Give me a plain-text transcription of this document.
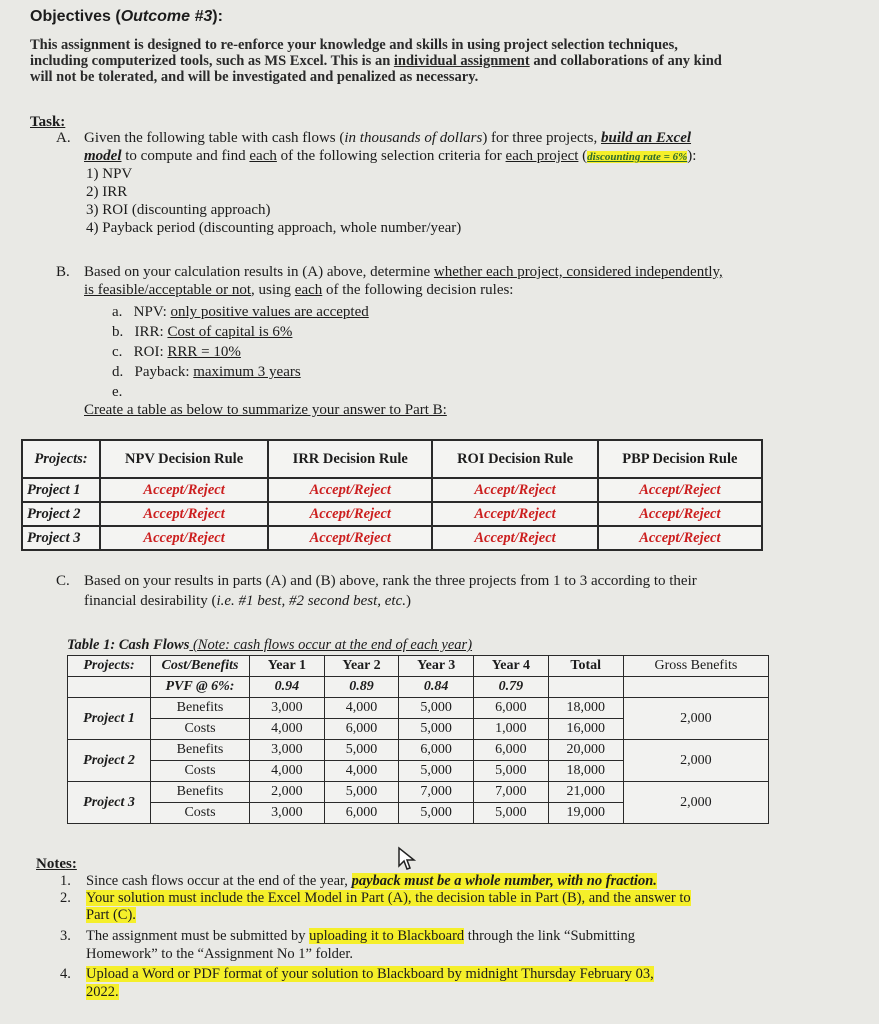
Objectives (Outcome #3):
This assignment is designed to re-enforce your knowledge and skills in using project selection techniques,
including computerized tools, such as MS Excel. This is an individual assignment and collaborations of any kind
will not be tolerated, and will be investigated and penalized as necessary.
Task:
A. Given the following table with cash flows (in thousands of dollars) for three projects, build an Excel
model to compute and find each of the following selection criteria for each project (discounting rate = 6%):
1) NPV
2) IRR
3) ROI (discounting approach)
4) Payback period (discounting approach, whole number/year)
B. Based on your calculation results in (A) above, determine whether each project, considered independently,
is feasible/acceptable or not, using each of the following decision rules:
a. NPV: only positive values are accepted
b. IRR: Cost of capital is 6%
c. ROI: RRR = 10%
d. Payback: maximum 3 years
e.
Create a table as below to summarize your answer to Part B:
Projects:	NPV Decision Rule	IRR Decision Rule	ROI Decision Rule	PBP Decision Rule
Project 1	Accept/Reject	Accept/Reject	Accept/Reject	Accept/Reject
Project 2	Accept/Reject	Accept/Reject	Accept/Reject	Accept/Reject
Project 3	Accept/Reject	Accept/Reject	Accept/Reject	Accept/Reject
C. Based on your results in parts (A) and (B) above, rank the three projects from 1 to 3 according to their
financial desirability (i.e. #1 best, #2 second best, etc.)
Table 1: Cash Flows (Note: cash flows occur at the end of each year)
Projects:	Cost/Benefits	Year 1	Year 2	Year 3	Year 4	Total	Gross Benefits
	PVF @ 6%:	0.94	0.89	0.84	0.79		
Project 1	Benefits	3,000	4,000	5,000	6,000	18,000	2,000
	Costs	4,000	6,000	5,000	1,000	16,000	
Project 2	Benefits	3,000	5,000	6,000	6,000	20,000	2,000
	Costs	4,000	4,000	5,000	5,000	18,000	
Project 3	Benefits	2,000	5,000	7,000	7,000	21,000	2,000
	Costs	3,000	6,000	5,000	5,000	19,000	
Notes:
1. Since cash flows occur at the end of the year, payback must be a whole number, with no fraction.
2. Your solution must include the Excel Model in Part (A), the decision table in Part (B), and the answer to
Part (C).
3. The assignment must be submitted by uploading it to Blackboard through the link “Submitting
Homework” to the “Assignment No 1” folder.
4. Upload a Word or PDF format of your solution to Blackboard by midnight Thursday February 03,
2022.
